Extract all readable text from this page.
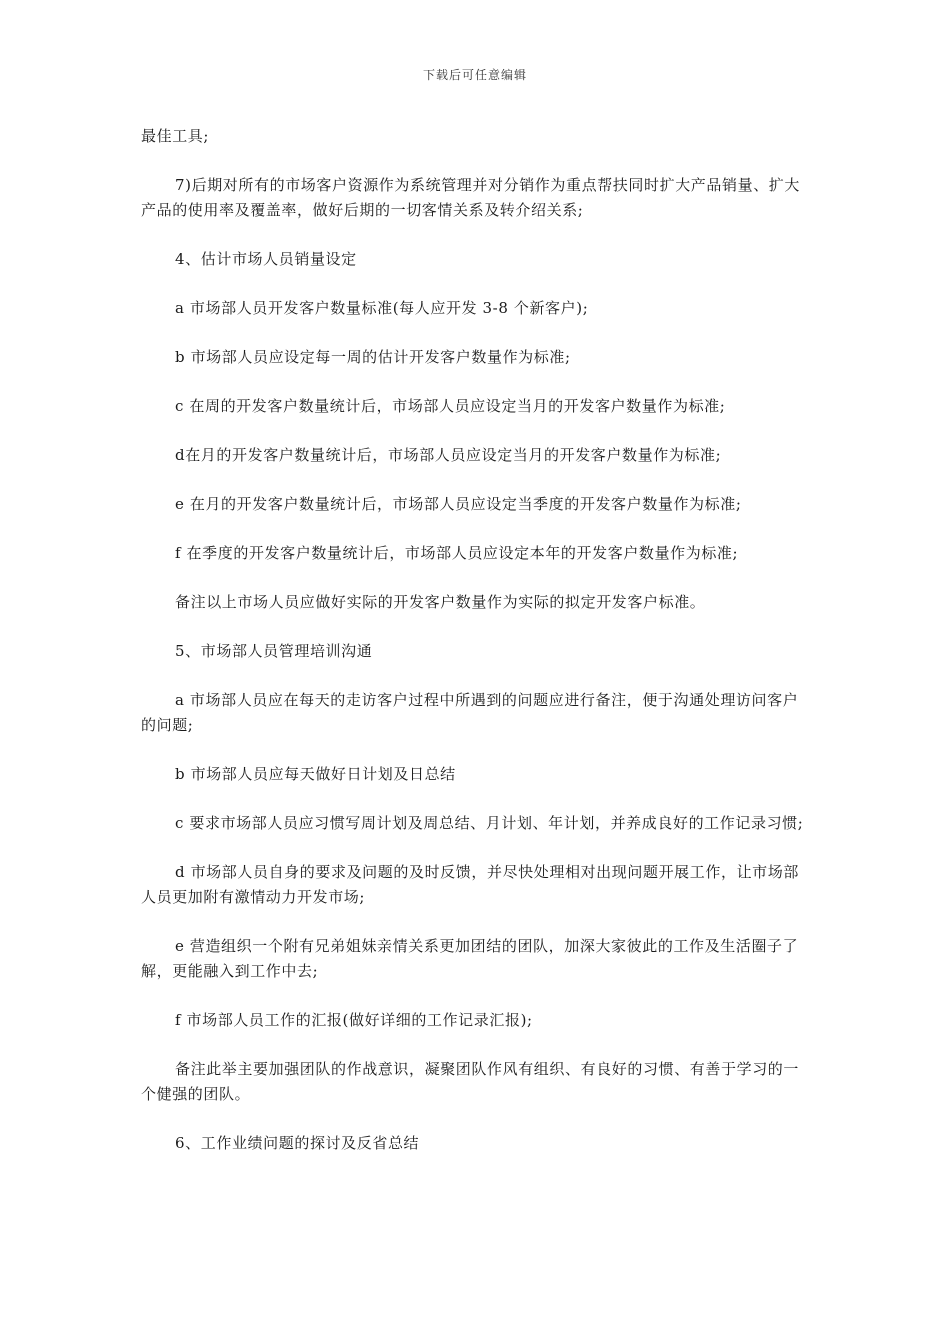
下载后可任意编辑

最佳工具;

7)后期对所有的市场客户资源作为系统管理并对分销作为重点帮扶同时扩大产品销量、扩大产品的使用率及覆盖率，做好后期的一切客情关系及转介绍关系;

4、估计市场人员销量设定

a 市场部人员开发客户数量标准(每人应开发 3-8 个新客户);

b 市场部人员应设定每一周的估计开发客户数量作为标准;

c 在周的开发客户数量统计后，市场部人员应设定当月的开发客户数量作为标准;

d在月的开发客户数量统计后，市场部人员应设定当月的开发客户数量作为标准;

e 在月的开发客户数量统计后，市场部人员应设定当季度的开发客户数量作为标准;

f 在季度的开发客户数量统计后，市场部人员应设定本年的开发客户数量作为标准;

备注以上市场人员应做好实际的开发客户数量作为实际的拟定开发客户标准。

5、市场部人员管理培训沟通

a 市场部人员应在每天的走访客户过程中所遇到的问题应进行备注，便于沟通处理访问客户的问题;

b 市场部人员应每天做好日计划及日总结

c 要求市场部人员应习惯写周计划及周总结、月计划、年计划，并养成良好的工作记录习惯;

d 市场部人员自身的要求及问题的及时反馈，并尽快处理相对出现问题开展工作，让市场部人员更加附有激情动力开发市场;

e 营造组织一个附有兄弟姐妹亲情关系更加团结的团队，加深大家彼此的工作及生活圈子了解，更能融入到工作中去;

f 市场部人员工作的汇报(做好详细的工作记录汇报);

备注此举主要加强团队的作战意识，凝聚团队作风有组织、有良好的习惯、有善于学习的一个健强的团队。

6、工作业绩问题的探讨及反省总结
